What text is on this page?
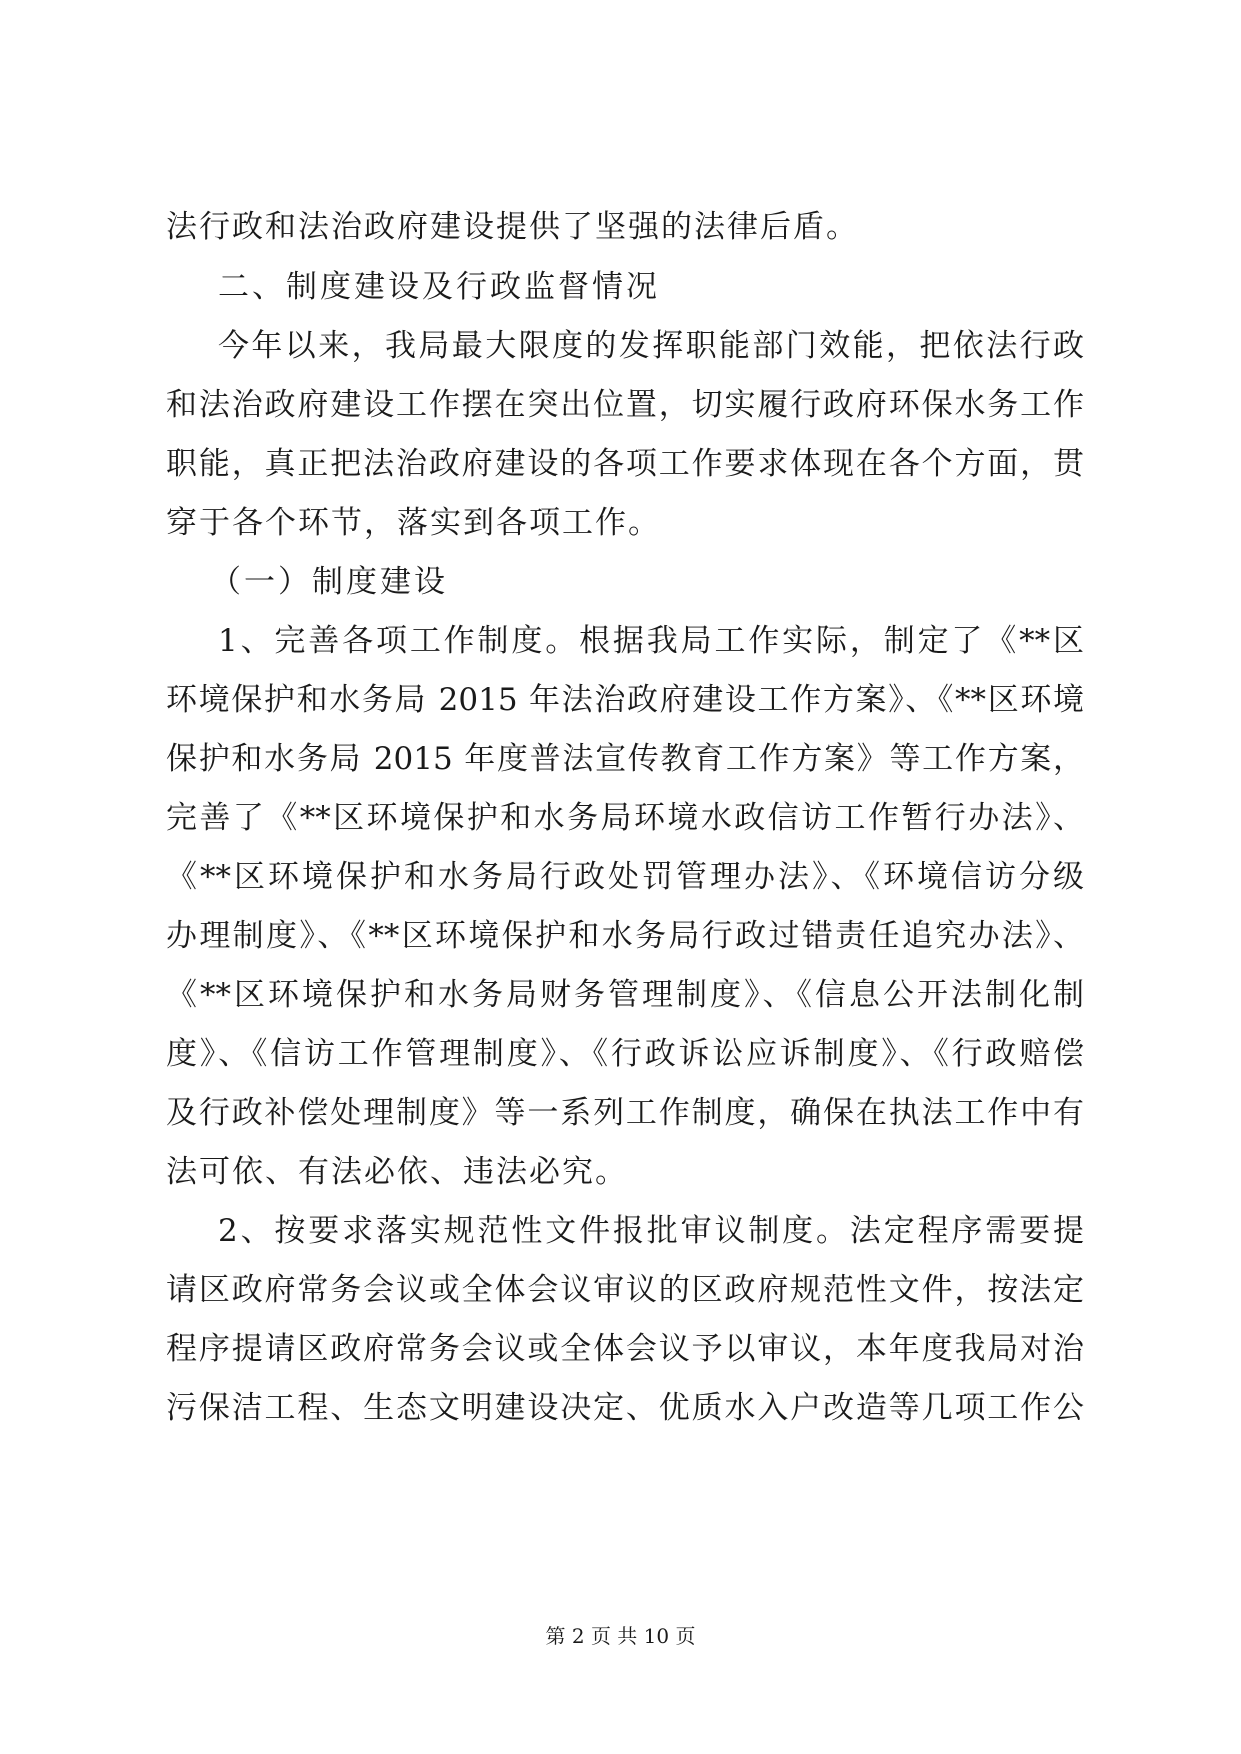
法行政和法治政府建设提供了坚强的法律后盾。
二、制度建设及行政监督情况
今年以来，我局最大限度的发挥职能部门效能，把依法行政
和法治政府建设工作摆在突出位置，切实履行政府环保水务工作
职能，真正把法治政府建设的各项工作要求体现在各个方面，贯
穿于各个环节，落实到各项工作。
（一）制度建设
1、完善各项工作制度。根据我局工作实际，制定了《**区
环境保护和水务局 2015 年法治政府建设工作方案》、《**区环境
保护和水务局 2015 年度普法宣传教育工作方案》等工作方案，
完善了《**区环境保护和水务局环境水政信访工作暂行办法》、
《**区环境保护和水务局行政处罚管理办法》、《环境信访分级
办理制度》、《**区环境保护和水务局行政过错责任追究办法》、
《**区环境保护和水务局财务管理制度》、《信息公开法制化制
度》、《信访工作管理制度》、《行政诉讼应诉制度》、《行政赔偿
及行政补偿处理制度》等一系列工作制度，确保在执法工作中有
法可依、有法必依、违法必究。
2、按要求落实规范性文件报批审议制度。法定程序需要提
请区政府常务会议或全体会议审议的区政府规范性文件，按法定
程序提请区政府常务会议或全体会议予以审议，本年度我局对治
污保洁工程、生态文明建设决定、优质水入户改造等几项工作公
第 2 页 共 10 页
